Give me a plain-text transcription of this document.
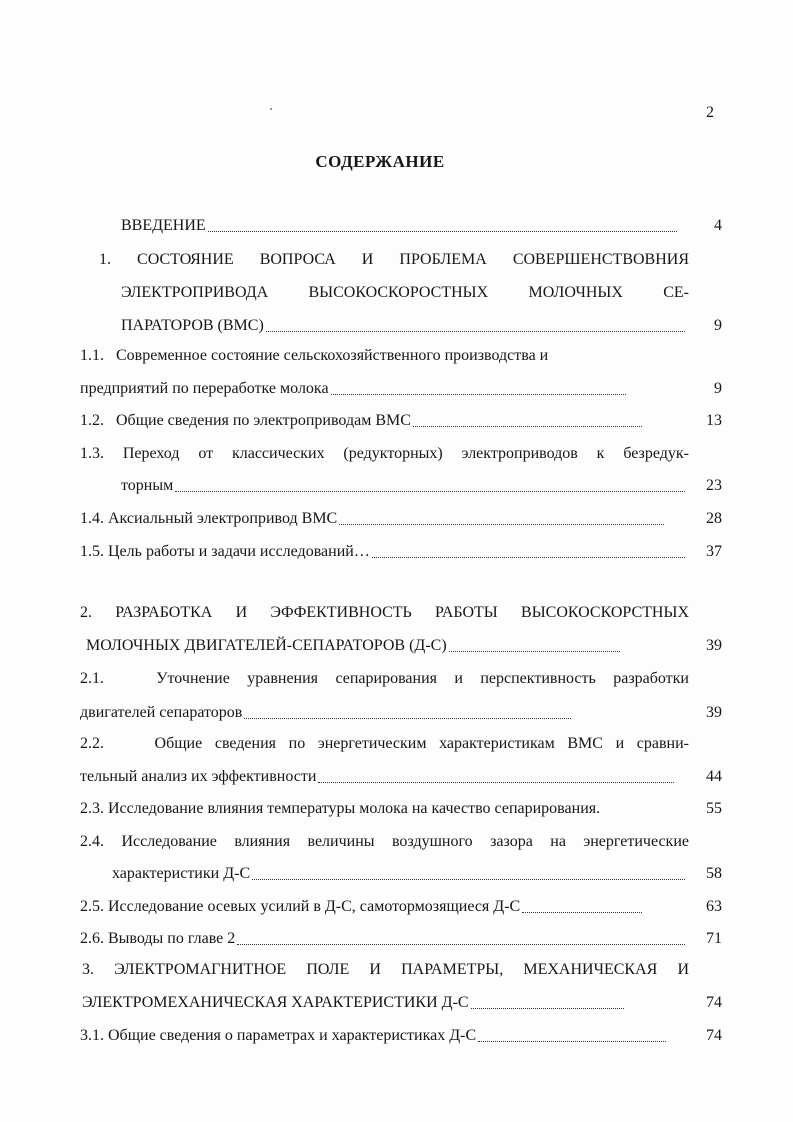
2
СОДЕРЖАНИЕ
ВВЕДЕНИЕ	4
1. СОСТОЯНИЕ ВОПРОСА И ПРОБЛЕМА СОВЕРШЕНСТВОВНИЯ
ЭЛЕКТРОПРИВОДА ВЫСОКОСКОРОСТНЫХ МОЛОЧНЫХ СЕ-
ПАРАТОРОВ (ВМС)	9
1.1.   Современное состояние сельскохозяйственного производства и
предприятий по переработке молока	9
1.2.   Общие сведения по электроприводам ВМС	13
1.3. Переход от классических (редукторных) электроприводов к безредук-
торным	23
1.4. Аксиальный электропривод ВМС	28
1.5. Цель работы и задачи исследований…	37
2. РАЗРАБОТКА И ЭФФЕКТИВНОСТЬ РАБОТЫ ВЫСОКОСКОРСТНЫХ
МОЛОЧНЫХ ДВИГАТЕЛЕЙ-СЕПАРАТОРОВ (Д-С)	39
2.1.   Уточнение уравнения сепарирования и перспективность разработки
двигателей сепараторов	39
2.2.    Общие сведения по энергетическим характеристикам ВМС и сравни-
тельный анализ их эффективности	44
2.3. Исследование влияния температуры молока на качество сепарирования.	55
2.4. Исследование влияния величины воздушного зазора на энергетические
характеристики Д-С	58
2.5. Исследование осевых усилий в Д-С, самотормозящиеся Д-С	63
2.6. Выводы по главе 2	71
3. ЭЛЕКТРОМАГНИТНОЕ ПОЛЕ И ПАРАМЕТРЫ, МЕХАНИЧЕСКАЯ И
ЭЛЕКТРОМЕХАНИЧЕСКАЯ ХАРАКТЕРИСТИКИ Д-С	74
3.1. Общие сведения о параметрах и характеристиках Д-С	74
